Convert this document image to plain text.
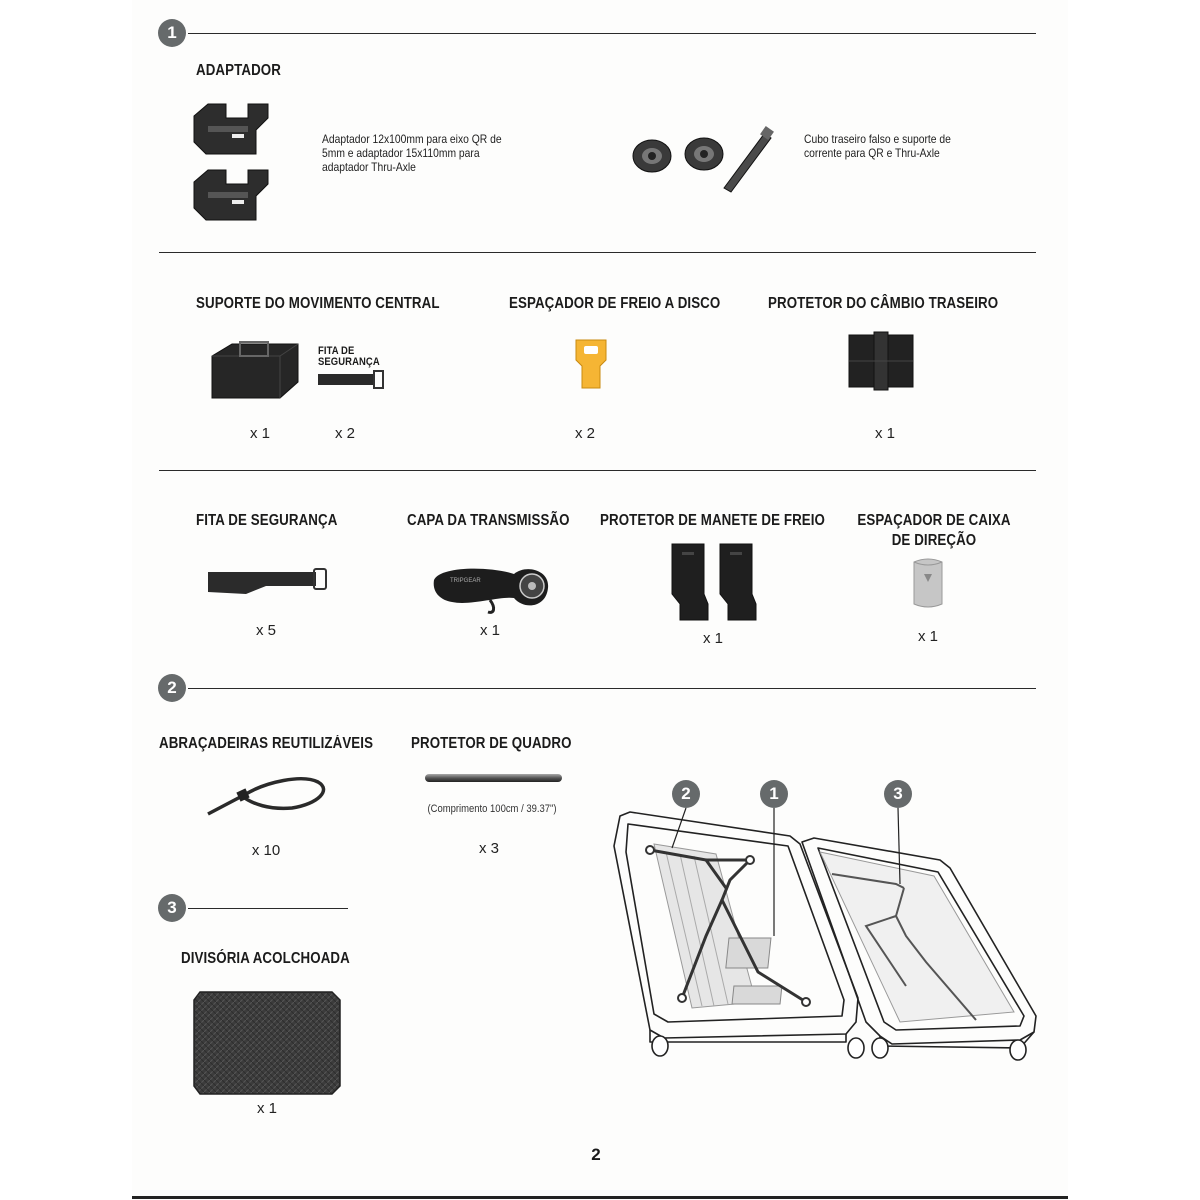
1
ADAPTADOR
Adaptador 12x100mm para eixo QR de 5mm e adaptador 15x110mm para adaptador Thru-Axle
Cubo traseiro falso e suporte de corrente para QR e Thru-Axle
SUPORTE DO MOVIMENTO CENTRAL
FITA DE SEGURANÇA
x 1	x 2
ESPAÇADOR DE FREIO A DISCO
x 2
PROTETOR DO CÂMBIO TRASEIRO
x 1
FITA DE SEGURANÇA
x 5
CAPA DA TRANSMISSÃO
TRIPGEAR
x 1
PROTETOR DE MANETE DE FREIO
x 1
ESPAÇADOR DE CAIXA
DE DIREÇÃO
x 1
2
ABRAÇADEIRAS REUTILIZÁVEIS
x 10
PROTETOR DE QUADRO
(Comprimento 100cm / 39.37")
x 3
3
DIVISÓRIA ACOLCHOADA
x 1
2	1	3
2
